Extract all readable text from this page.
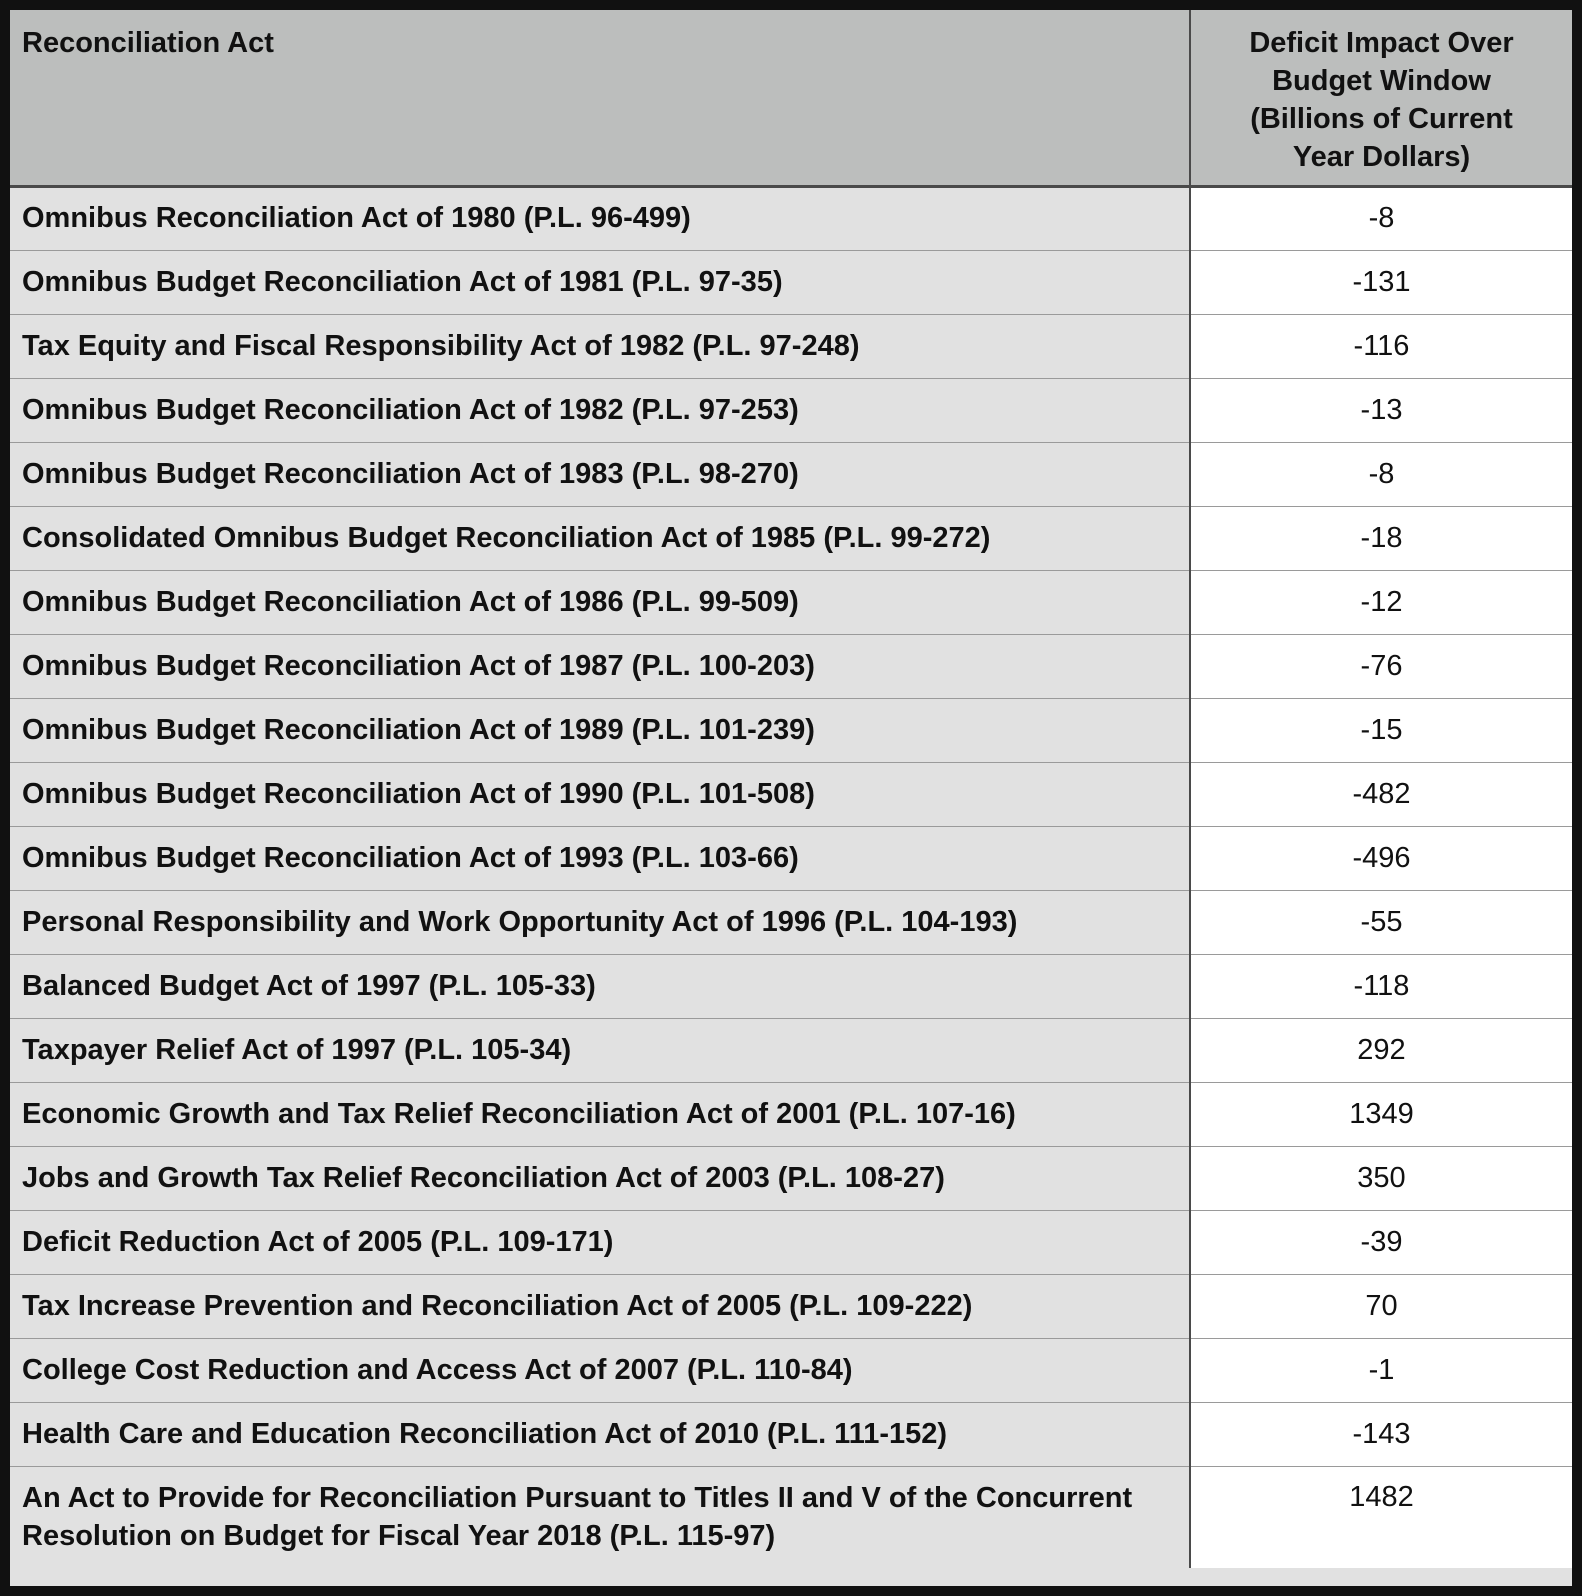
Reconciliation Act	Deficit Impact Over Budget Window (Billions of Current Year Dollars)
Omnibus Reconciliation Act of 1980 (P.L. 96-499)	-8
Omnibus Budget Reconciliation Act of 1981 (P.L. 97-35)	-131
Tax Equity and Fiscal Responsibility Act of 1982 (P.L. 97-248)	-116
Omnibus Budget Reconciliation Act of 1982 (P.L. 97-253)	-13
Omnibus Budget Reconciliation Act of 1983 (P.L. 98-270)	-8
Consolidated Omnibus Budget Reconciliation Act of 1985 (P.L. 99-272)	-18
Omnibus Budget Reconciliation Act of 1986 (P.L. 99-509)	-12
Omnibus Budget Reconciliation Act of 1987 (P.L. 100-203)	-76
Omnibus Budget Reconciliation Act of 1989 (P.L. 101-239)	-15
Omnibus Budget Reconciliation Act of 1990 (P.L. 101-508)	-482
Omnibus Budget Reconciliation Act of 1993 (P.L. 103-66)	-496
Personal Responsibility and Work Opportunity Act of 1996 (P.L. 104-193)	-55
Balanced Budget Act of 1997 (P.L. 105-33)	-118
Taxpayer Relief Act of 1997 (P.L. 105-34)	292
Economic Growth and Tax Relief Reconciliation Act of 2001 (P.L. 107-16)	1349
Jobs and Growth Tax Relief Reconciliation Act of 2003 (P.L. 108-27)	350
Deficit Reduction Act of 2005 (P.L. 109-171)	-39
Tax Increase Prevention and Reconciliation Act of 2005 (P.L. 109-222)	70
College Cost Reduction and Access Act of 2007 (P.L. 110-84)	-1
Health Care and Education Reconciliation Act of 2010 (P.L. 111-152)	-143
An Act to Provide for Reconciliation Pursuant to Titles II and V of the Concurrent Resolution on Budget for Fiscal Year 2018 (P.L. 115-97)	1482
